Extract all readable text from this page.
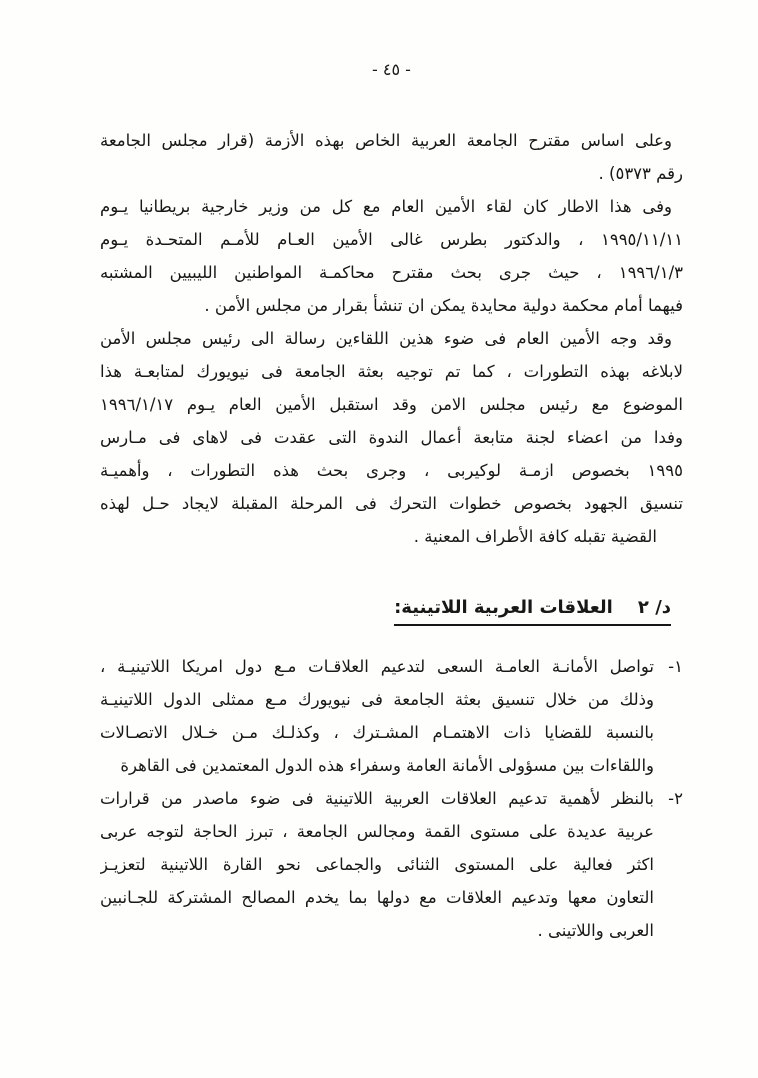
- ٤٥ -
وعلى اساس مقترح الجامعة العربية الخاص بهذه الأزمة (قرار مجلس الجامعة
رقم ٥٣٧٣) .
وفى هذا الاطار كان لقاء الأمين العام مع كل من وزير خارجية بريطانيا يـوم
١٩٩٥/١١/١١ ، والدكتور بطرس غالى الأمين العـام للأمـم المتحـدة يـوم
١٩٩٦/١/٣ ، حيث جرى بحث مقترح محاكمـة المواطنين الليبيين المشتبه
فيهما أمام محكمة دولية محايدة يمكن ان تنشأ بقرار من مجلس الأمن .
وقد وجه الأمين العام فى ضوء هذين اللقاءين رسالة الى رئيس مجلس الأمن
لابلاغه بهذه التطورات ، كما تم توجيه بعثة الجامعة فى نيويورك لمتابعـة هذا
الموضوع مع رئيس مجلس الامن وقد استقبل الأمين العام يـوم ١٩٩٦/١/١٧
وفدا من اعضاء لجنة متابعة أعمال الندوة التى عقدت فى لاهاى فى مـارس
١٩٩٥ بخصوص ازمـة لوكيربى ، وجرى بحث هذه التطورات ، وأهميـة
تنسيق الجهود بخصوص خطوات التحرك فى المرحلة المقبلة لايجاد حـل لهذه
القضية تقبله كافة الأطراف المعنية .
د/ ٢    العلاقات العربية اللاتينية:
١-
تواصل الأمانـة العامـة السعى لتدعيم العلاقـات مـع دول امريكا اللاتينيـة ،
وذلك من خلال تنسيق بعثة الجامعة فى نيويورك مـع ممثلى الدول اللاتينيـة
بالنسبة للقضايا ذات الاهتمـام المشـترك ، وكذلـك مـن خـلال الاتصـالات
واللقاءات بين مسؤولى الأمانة العامة وسفراء هذه الدول المعتمدين فى القاهرة
٢-
بالنظر لأهمية تدعيم العلاقات العربية اللاتينية فى ضوء ماصدر من قرارات
عربية عديدة على مستوى القمة ومجالس الجامعة ، تبرز الحاجة لتوجه عربى
اكثر فعالية على المستوى الثنائى والجماعى نحو القارة اللاتينية لتعزيـز
التعاون معها وتدعيم العلاقات مع دولها بما يخدم المصالح المشتركة للجـانبين
العربى واللاتينى .
